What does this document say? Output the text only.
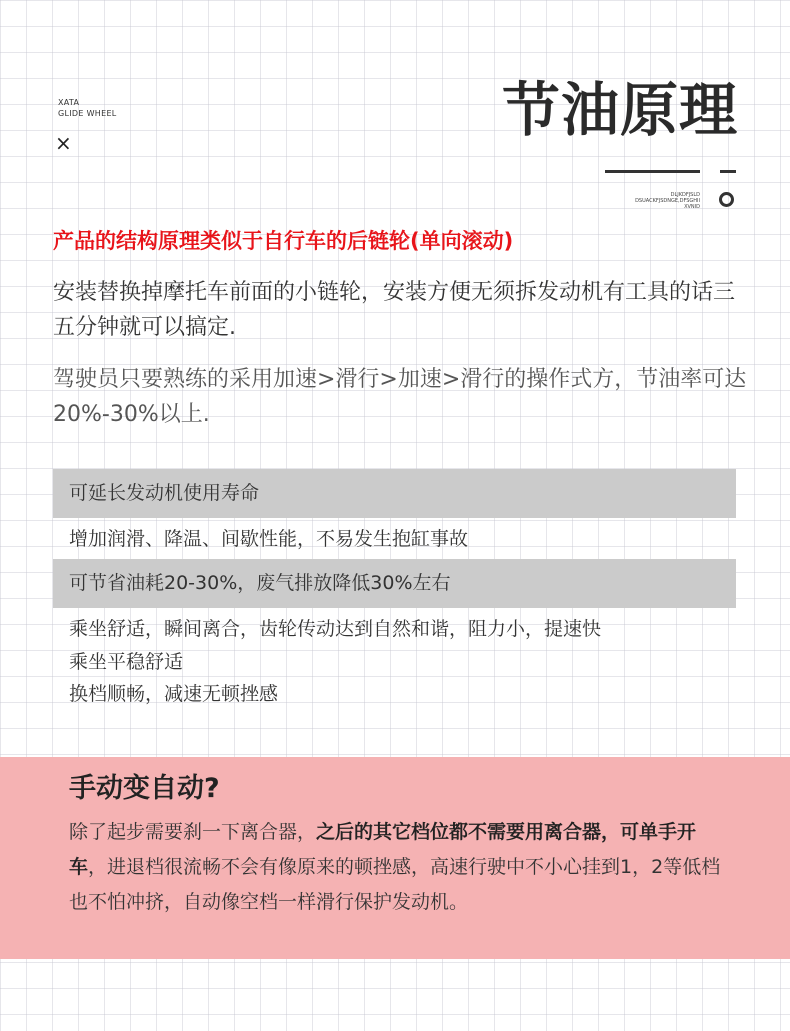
XATA
GLIDE WHEEL
×	节油原理
DLJKDFJSLD
DSUACKFJSDNGE,DFSGHII
XVNID
产品的结构原理类似于自行车的后链轮(单向滚动)
安装替换掉摩托车前面的小链轮，安装方便无须拆发动机有工具的话三五分钟就可以搞定.
驾驶员只要熟练的采用加速>滑行>加速>滑行的操作式方，节油率可达20%-30%以上.
可延长发动机使用寿命
增加润滑、降温、间歇性能，不易发生抱缸事故
可节省油耗20-30%，废气排放降低30%左右
乘坐舒适，瞬间离合，齿轮传动达到自然和谐，阻力小，提速快
乘坐平稳舒适
换档顺畅，减速无顿挫感
手动变自动?
除了起步需要刹一下离合器，之后的其它档位都不需要用离合器，可单手开车，进退档很流畅不会有像原来的顿挫感，高速行驶中不小心挂到1，2等低档也不怕冲挤，自动像空档一样滑行保护发动机。
